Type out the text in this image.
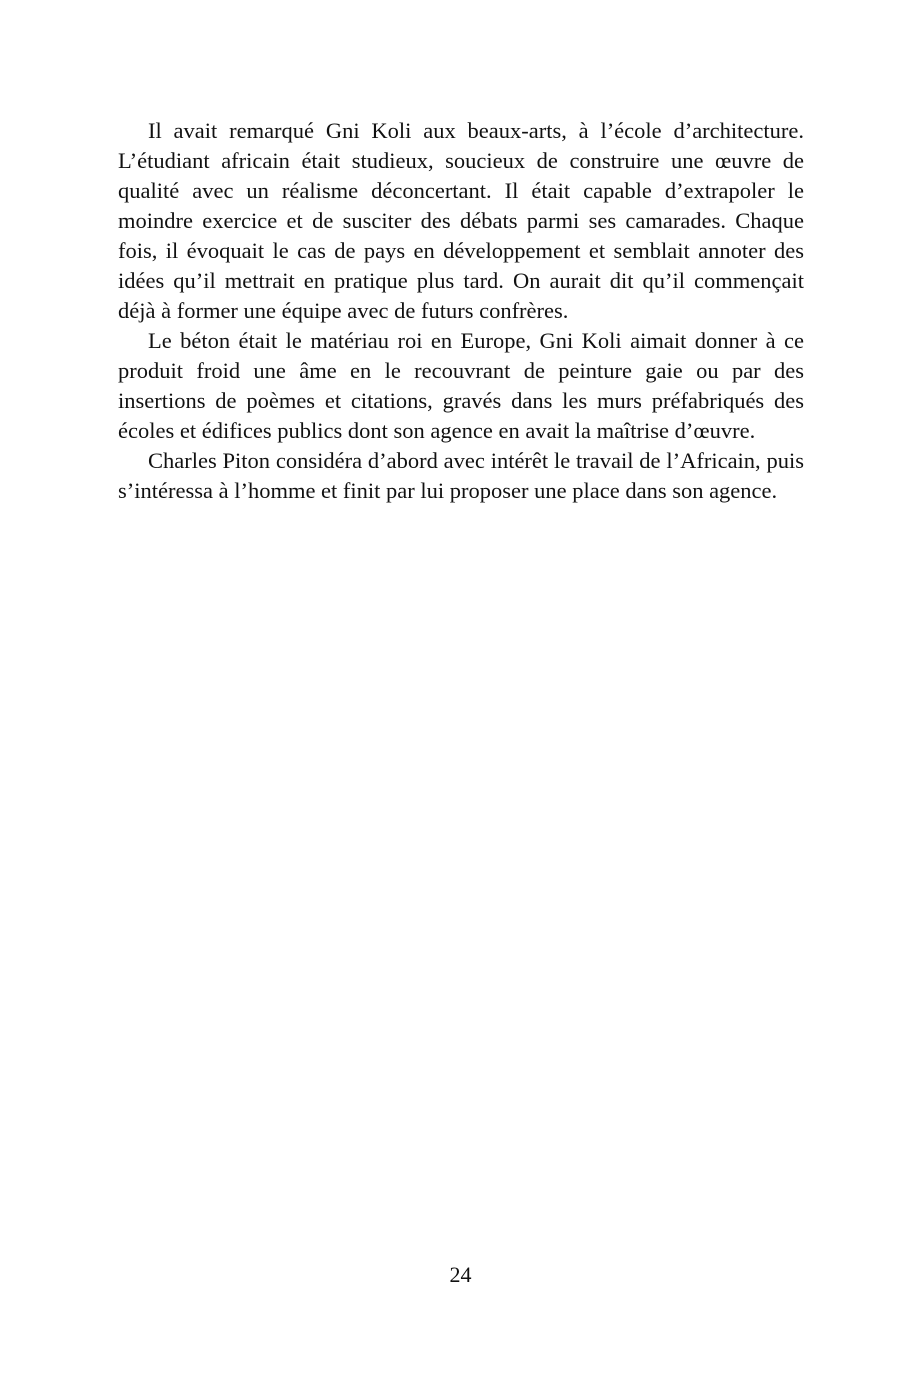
Il avait remarqué Gni Koli aux beaux-arts, à l’école d’architecture. L’étudiant africain était studieux, soucieux de construire une œuvre de qualité avec un réalisme déconcertant. Il était capable d’extrapoler le moindre exercice et de susciter des débats parmi ses camarades. Chaque fois, il évoquait le cas de pays en développement et semblait annoter des idées qu’il mettrait en pratique plus tard. On aurait dit qu’il commençait déjà à former une équipe avec de futurs confrères.

Le béton était le matériau roi en Europe, Gni Koli aimait donner à ce produit froid une âme en le recouvrant de peinture gaie ou par des insertions de poèmes et citations, gravés dans les murs préfabriqués des écoles et édifices publics dont son agence en avait la maîtrise d’œuvre.

Charles Piton considéra d’abord avec intérêt le travail de l’Africain, puis s’intéressa à l’homme et finit par lui proposer une place dans son agence.

24
